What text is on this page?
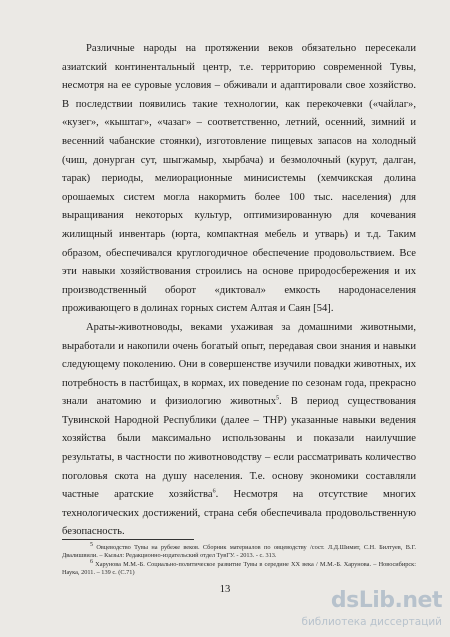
Различные народы на протяжении веков обязательно пересекали азиатский континентальный центр, т.е. территорию современной Тувы, несмотря на ее суровые условия – обживали и адаптировали свое хозяйство. В последствии появились такие технологии, как перекочевки («чайлаг», «кузег», «кыштаг», «чазаг» – соответственно, летний, осенний, зимний и весенний чабанские стоянки), изготовление пищевых запасов на холодный (чиш, донурган сут, шыгжамыр, хырбача) и безмолочный (курут, далган, тарак) периоды, мелиорационные минисистемы (хемчикская долина орошаемых систем могла накормить более 100 тыс. населения) для выращивания некоторых культур, оптимизированную для кочевания жилищный инвентарь (юрта, компактная мебель и утварь) и т.д. Таким образом, обеспечивался круглогодичное обеспечение продовольствием. Все эти навыки хозяйствования строились на основе природосбережения и их производственный оборот «диктовал» емкость народонаселения проживающего в долинах горных систем Алтая и Саян [54].

Араты-животноводы, веками ухаживая за домашними животными, выработали и накопили очень богатый опыт, передавая свои знания и навыки следующему поколению. Они в совершенстве изучили повадки животных, их потребность в пастбищах, в кормах, их поведение по сезонам года, прекрасно знали анатомию и физиологию животных$^5$. В период существования Тувинской Народной Республики (далее – ТНР) указанные навыки ведения хозяйства были максимально использованы и показали наилучшие результаты, в частности по животноводству – если рассматривать количество поголовья скота на душу населения. Т.е. основу экономики составляли частные аратские хозяйства$^6$. Несмотря на отсутствие многих технологических достижений, страна себя обеспечивала продовольственную безопасность.

$^5$ Овцеводство Тувы на рубеже веков. Сборник материалов по овцеводству /сост. Л.Д.Шимит, С.Н. Билтуев, В.Г. Двалишвили. – Кызыл: Редакционно-издательский отдел ТувГУ. - 2013. - с. 313.

$^6$ Харунова М.М.-Б. Социально-политическое развитие Тувы в середине XX века / М.М.-Б. Харунова. – Новосибирск: Наука, 2011. – 139 с. (С.71)

13	dsLib.net
библиотека диссертаций
